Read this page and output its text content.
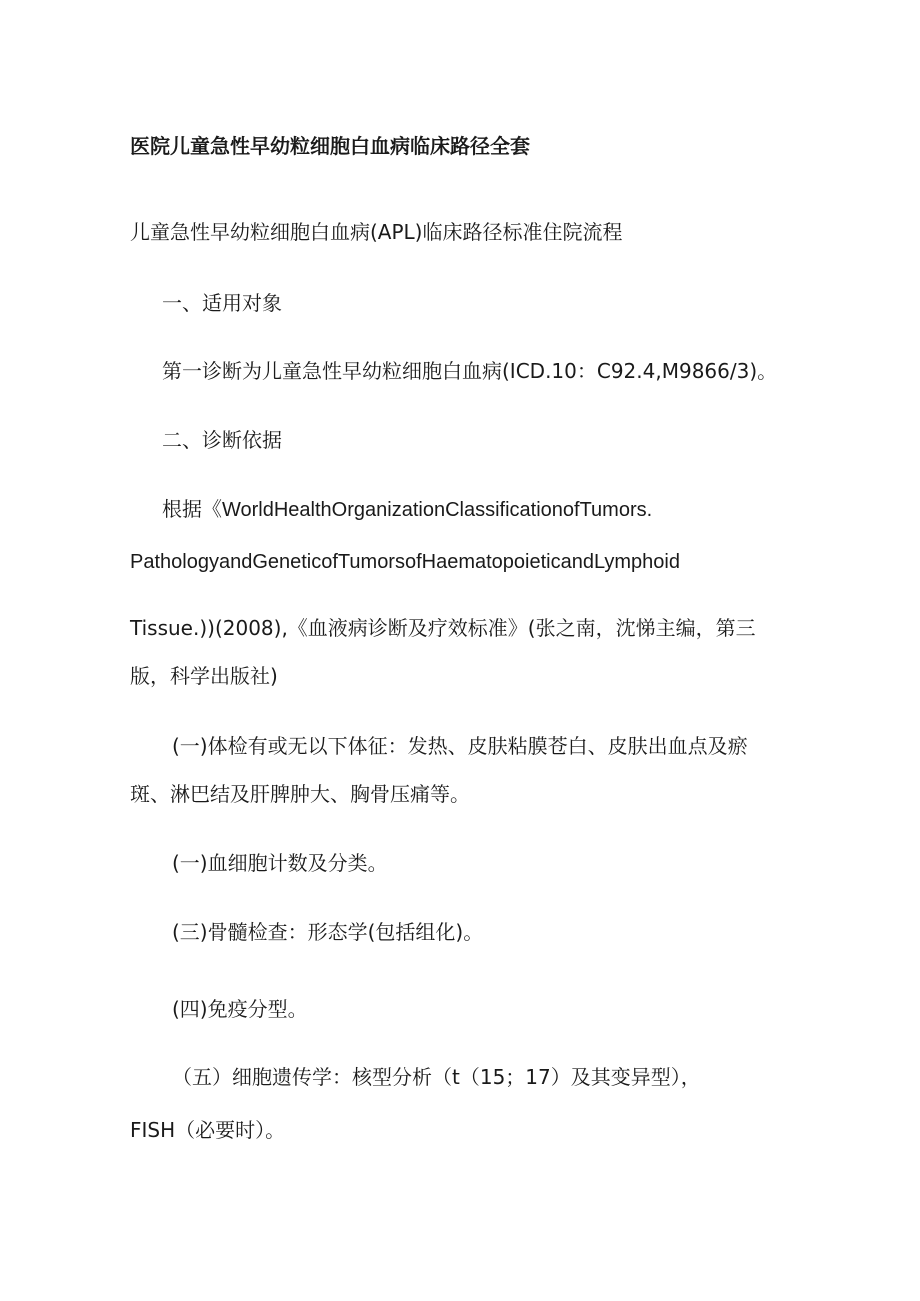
医院儿童急性早幼粒细胞白血病临床路径全套
儿童急性早幼粒细胞白血病(APL)临床路径标准住院流程
一、适用对象
第一诊断为儿童急性早幼粒细胞白血病(ICD.10：C92.4,M9866/3)。
二、诊断依据
根据《WorldHealthOrganizationClassificationofTumors.
PathologyandGeneticofTumorsofHaematopoieticandLymphoid
Tissue.))(2008),《血液病诊断及疗效标准》(张之南，沈悌主编，第三
版，科学出版社)
(一)体检有或无以下体征：发热、皮肤粘膜苍白、皮肤出血点及瘀
斑、淋巴结及肝脾肿大、胸骨压痛等。
(一)血细胞计数及分类。
(三)骨髓检查：形态学(包括组化)。
(四)免疫分型。
（五）细胞遗传学：核型分析（t（15；17）及其变异型），
FISH（必要时）。
